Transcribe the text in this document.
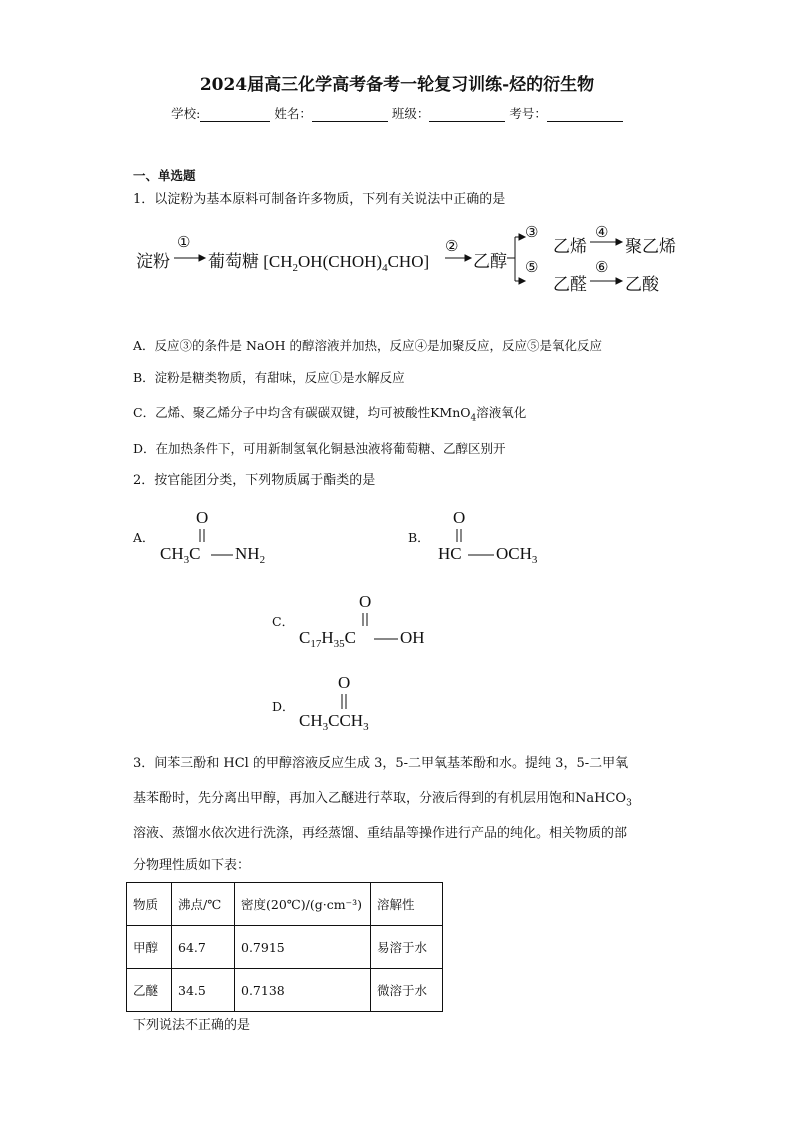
2024届高三化学高考备考一轮复习训练-烃的衍生物
学校:	姓名：	班级：	考号：
一、单选题
1．以淀粉为基本原料可制备许多物质，下列有关说法中正确的是
淀粉
①
葡萄糖 $[CH_2OH(CHOH)_4CHO]$
②
乙醇
③
乙烯
④
聚乙烯
⑤
乙醛
⑥
乙酸
A．反应③的条件是 NaOH 的醇溶液并加热，反应④是加聚反应，反应⑤是氧化反应
B．淀粉是糖类物质，有甜味，反应①是水解反应
C．乙烯、聚乙烯分子中均含有碳碳双键，均可被酸性KMnO$_4$溶液氧化
D．在加热条件下，可用新制氢氧化铜悬浊液将葡萄糖、乙醇区别开
2．按官能团分类，下列物质属于酯类的是
A．
O
$CH_3C$ $NH_2$
B．
O
HC $OCH_3$
C．
O
$C_{17}H_{35}C$	OH
D．
O
$CH_3CCH_3$
3．间苯三酚和 HCl 的甲醇溶液反应生成 3，5-二甲氧基苯酚和水。提纯 3，5-二甲氧
基苯酚时，先分离出甲醇，再加入乙醚进行萃取，分液后得到的有机层用饱和NaHCO$_3$
溶液、蒸馏水依次进行洗涤，再经蒸馏、重结晶等操作进行产品的纯化。相关物质的部
分物理性质如下表：
物质	沸点/℃	密度(20℃)/(g·cm⁻³)	溶解性
甲醇	64.7	0.7915	易溶于水
乙醚	34.5	0.7138	微溶于水
下列说法不正确的是
